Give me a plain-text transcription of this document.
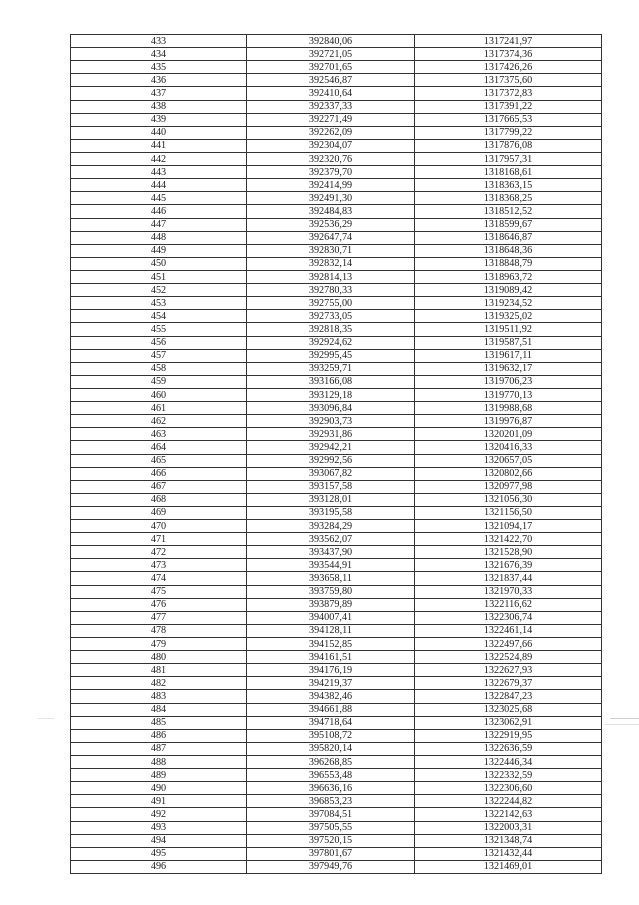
433	392840,06	1317241,97
434	392721,05	1317374,36
435	392701,65	1317426,26
436	392546,87	1317375,60
437	392410,64	1317372,83
438	392337,33	1317391,22
439	392271,49	1317665,53
440	392262,09	1317799,22
441	392304,07	1317876,08
442	392320,76	1317957,31
443	392379,70	1318168,61
444	392414,99	1318363,15
445	392491,30	1318368,25
446	392484,83	1318512,52
447	392536,29	1318599,67
448	392647,74	1318646,87
449	392830,71	1318648,36
450	392832,14	1318848,79
451	392814,13	1318963,72
452	392780,33	1319089,42
453	392755,00	1319234,52
454	392733,05	1319325,02
455	392818,35	1319511,92
456	392924,62	1319587,51
457	392995,45	1319617,11
458	393259,71	1319632,17
459	393166,08	1319706,23
460	393129,18	1319770,13
461	393096,84	1319988,68
462	392903,73	1319976,87
463	392931,86	1320201,09
464	392942,21	1320416,33
465	392992,56	1320657,05
466	393067,82	1320802,66
467	393157,58	1320977,98
468	393128,01	1321056,30
469	393195,58	1321156,50
470	393284,29	1321094,17
471	393562,07	1321422,70
472	393437,90	1321528,90
473	393544,91	1321676,39
474	393658,11	1321837,44
475	393759,80	1321970,33
476	393879,89	1322116,62
477	394007,41	1322306,74
478	394128,11	1322461,14
479	394152,85	1322497,66
480	394161,51	1322524,89
481	394176,19	1322627,93
482	394219,37	1322679,37
483	394382,46	1322847,23
484	394661,88	1323025,68
485	394718,64	1323062,91
486	395108,72	1322919,95
487	395820,14	1322636,59
488	396268,85	1322446,34
489	396553,48	1322332,59
490	396636,16	1322306,60
491	396853,23	1322244,82
492	397084,51	1322142,63
493	397505,55	1322003,31
494	397520,15	1321348,74
495	397801,67	1321432,44
496	397949,76	1321469,01
